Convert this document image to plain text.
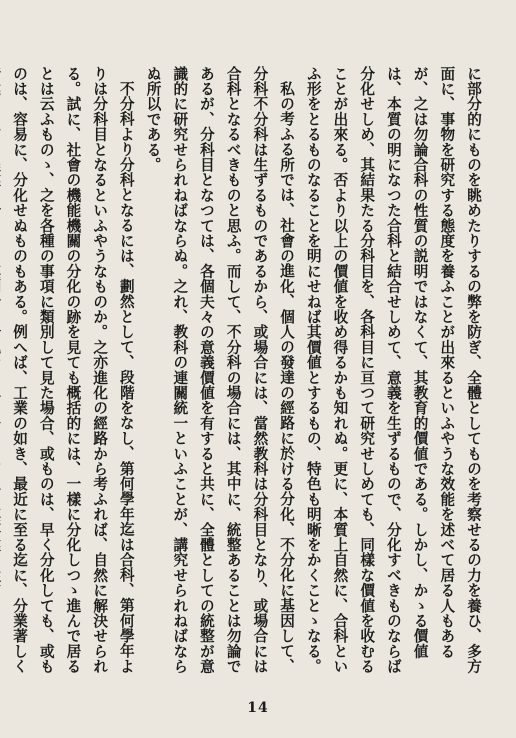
に部分的にものを眺めたりするの弊を防ぎ、全體としてものを考察せるの力を養ひ、多方面に、事物を研究する態度を養ふことが出來るといふやうな效能を述べて居る人もあるが、之は勿論合科の性質の説明ではなくて、其教育的價値である。しかし、かゝる價値は、本質の明になつた合科と結合せしめて、意義を生ずるもので、分化すべきものならば分化せしめ、其結果たる分科目を、各科目に亘つて研究せしめても、同樣な價値を收むることが出來る。否より以上の價値を收め得るかも知れぬ。更に、本質上自然に、合科といふ形をとるものなることを明にせねば其價値とするもの、特色も明晰をかくことゝなる。

私の考ふる所では、社會の進化、個人の發達の經路に於ける分化、不分化に基因して、分科不分科は生ずるものであるから、或場合には、當然教科は分科目となり、或場合には合科となるべきものと思ふ。而して、不分科の場合には、其中に、統整あることは勿論であるが、分科目となつては、各個夫々の意義價値を有すると共に、全體としての統整が意識的に研究せられねばならぬ。之れ、教科の連關統一といふことが、講究せられねばならぬ所以である。

不分科より分科となるには、劃然として、段階をなし、第何學年迄は合科、第何學年よりは分科目となるといふやうなものか。之亦進化の經路から考ふれば、自然に解決せられる。試に、社會の機能機關の分化の跡を見ても概括的には、一樣に分化しつゝ進んで居るとは云ふものゝ、之を各種の事項に類別して見た場合、或ものは、早く分化しても、或ものは、容易に、分化せぬものもある。例へば、工業の如き、最近に至る迄に、分業著しく

14
